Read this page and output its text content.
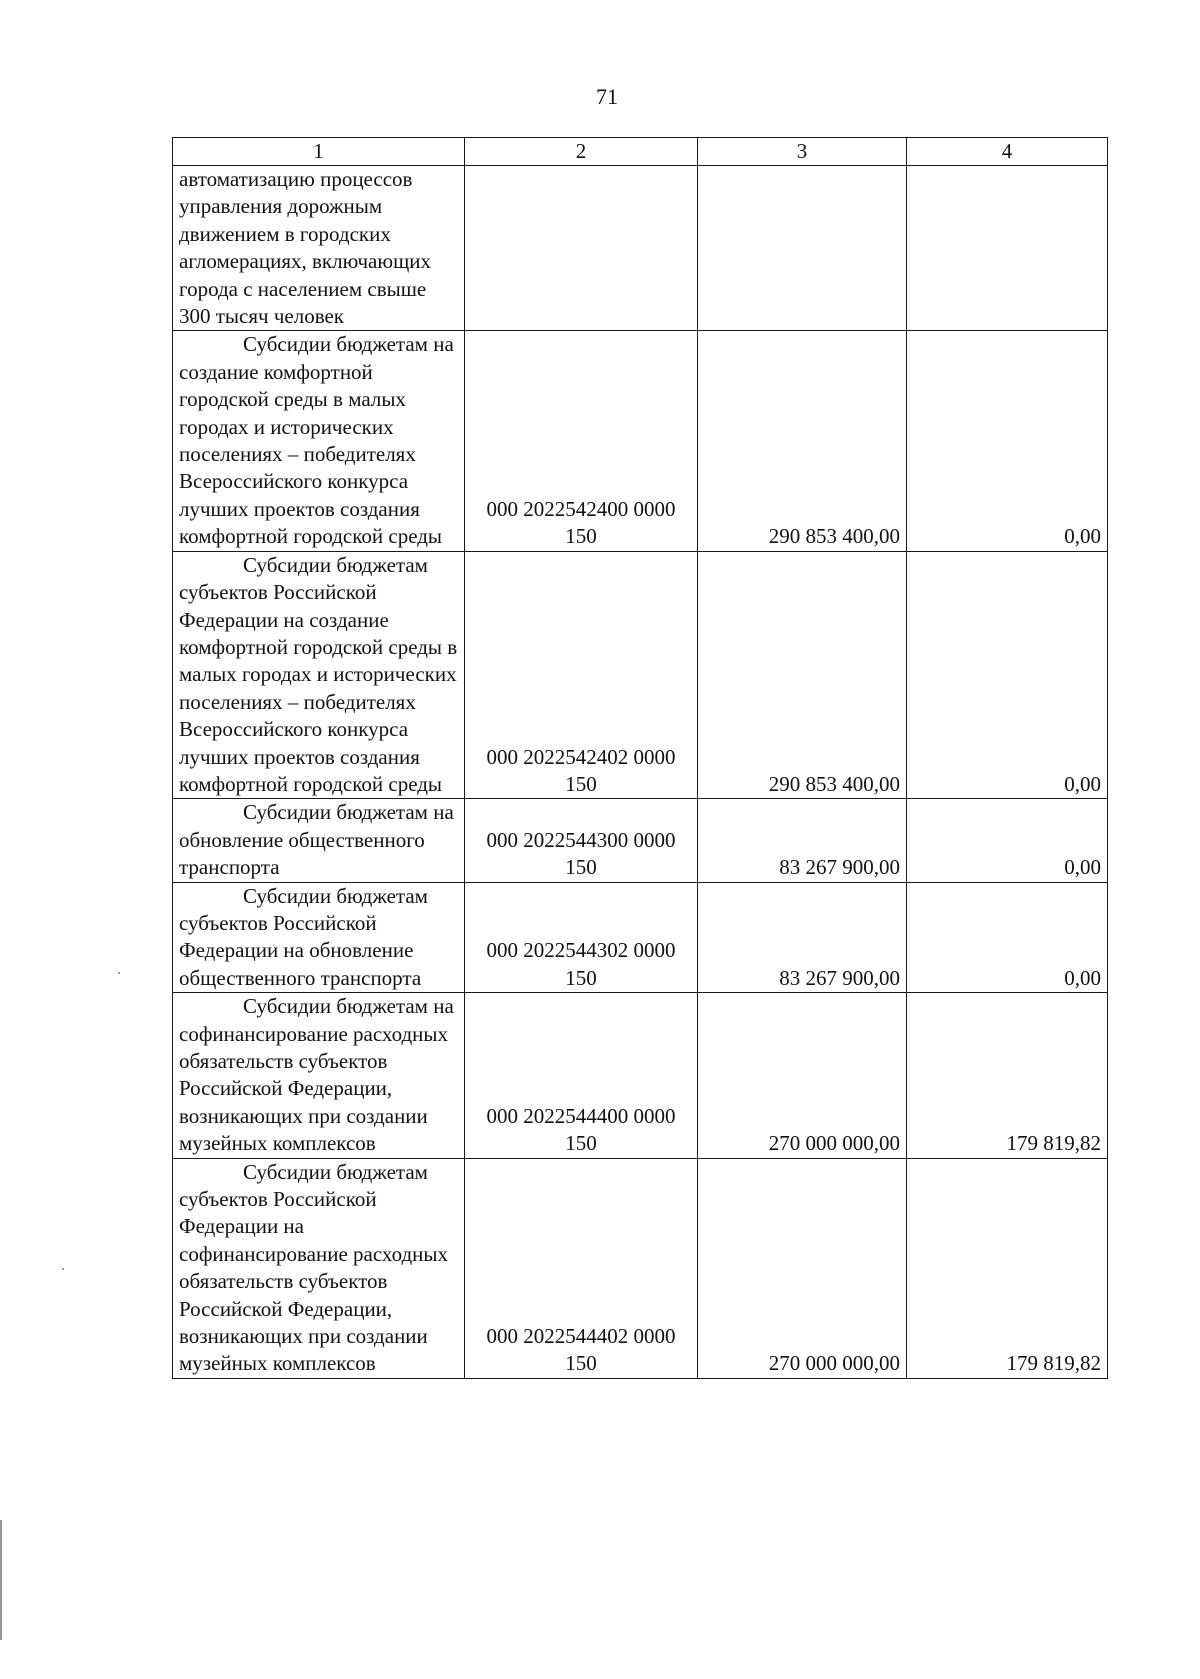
71
1	2	3	4
автоматизацию процессов управления дорожным движением в городских агломерациях, включающих города с населением свыше 300 тысяч человек			
Субсидии бюджетам на создание комфортной городской среды в малых городах и исторических поселениях – победителях Всероссийского конкурса лучших проектов создания комфортной городской среды	000 2022542400 0000 150	290 853 400,00	0,00
Субсидии бюджетам субъектов Российской Федерации на создание комфортной городской среды в малых городах и исторических поселениях – победителях Всероссийского конкурса лучших проектов создания комфортной городской среды	000 2022542402 0000 150	290 853 400,00	0,00
Субсидии бюджетам на обновление общественного транспорта	000 2022544300 0000 150	83 267 900,00	0,00
Субсидии бюджетам субъектов Российской Федерации на обновление общественного транспорта	000 2022544302 0000 150	83 267 900,00	0,00
Субсидии бюджетам на софинансирование расходных обязательств субъектов Российской Федерации, возникающих при создании музейных комплексов	000 2022544400 0000 150	270 000 000,00	179 819,82
Субсидии бюджетам субъектов Российской Федерации на софинансирование расходных обязательств субъектов Российской Федерации, возникающих при создании музейных комплексов	000 2022544402 0000 150	270 000 000,00	179 819,82
